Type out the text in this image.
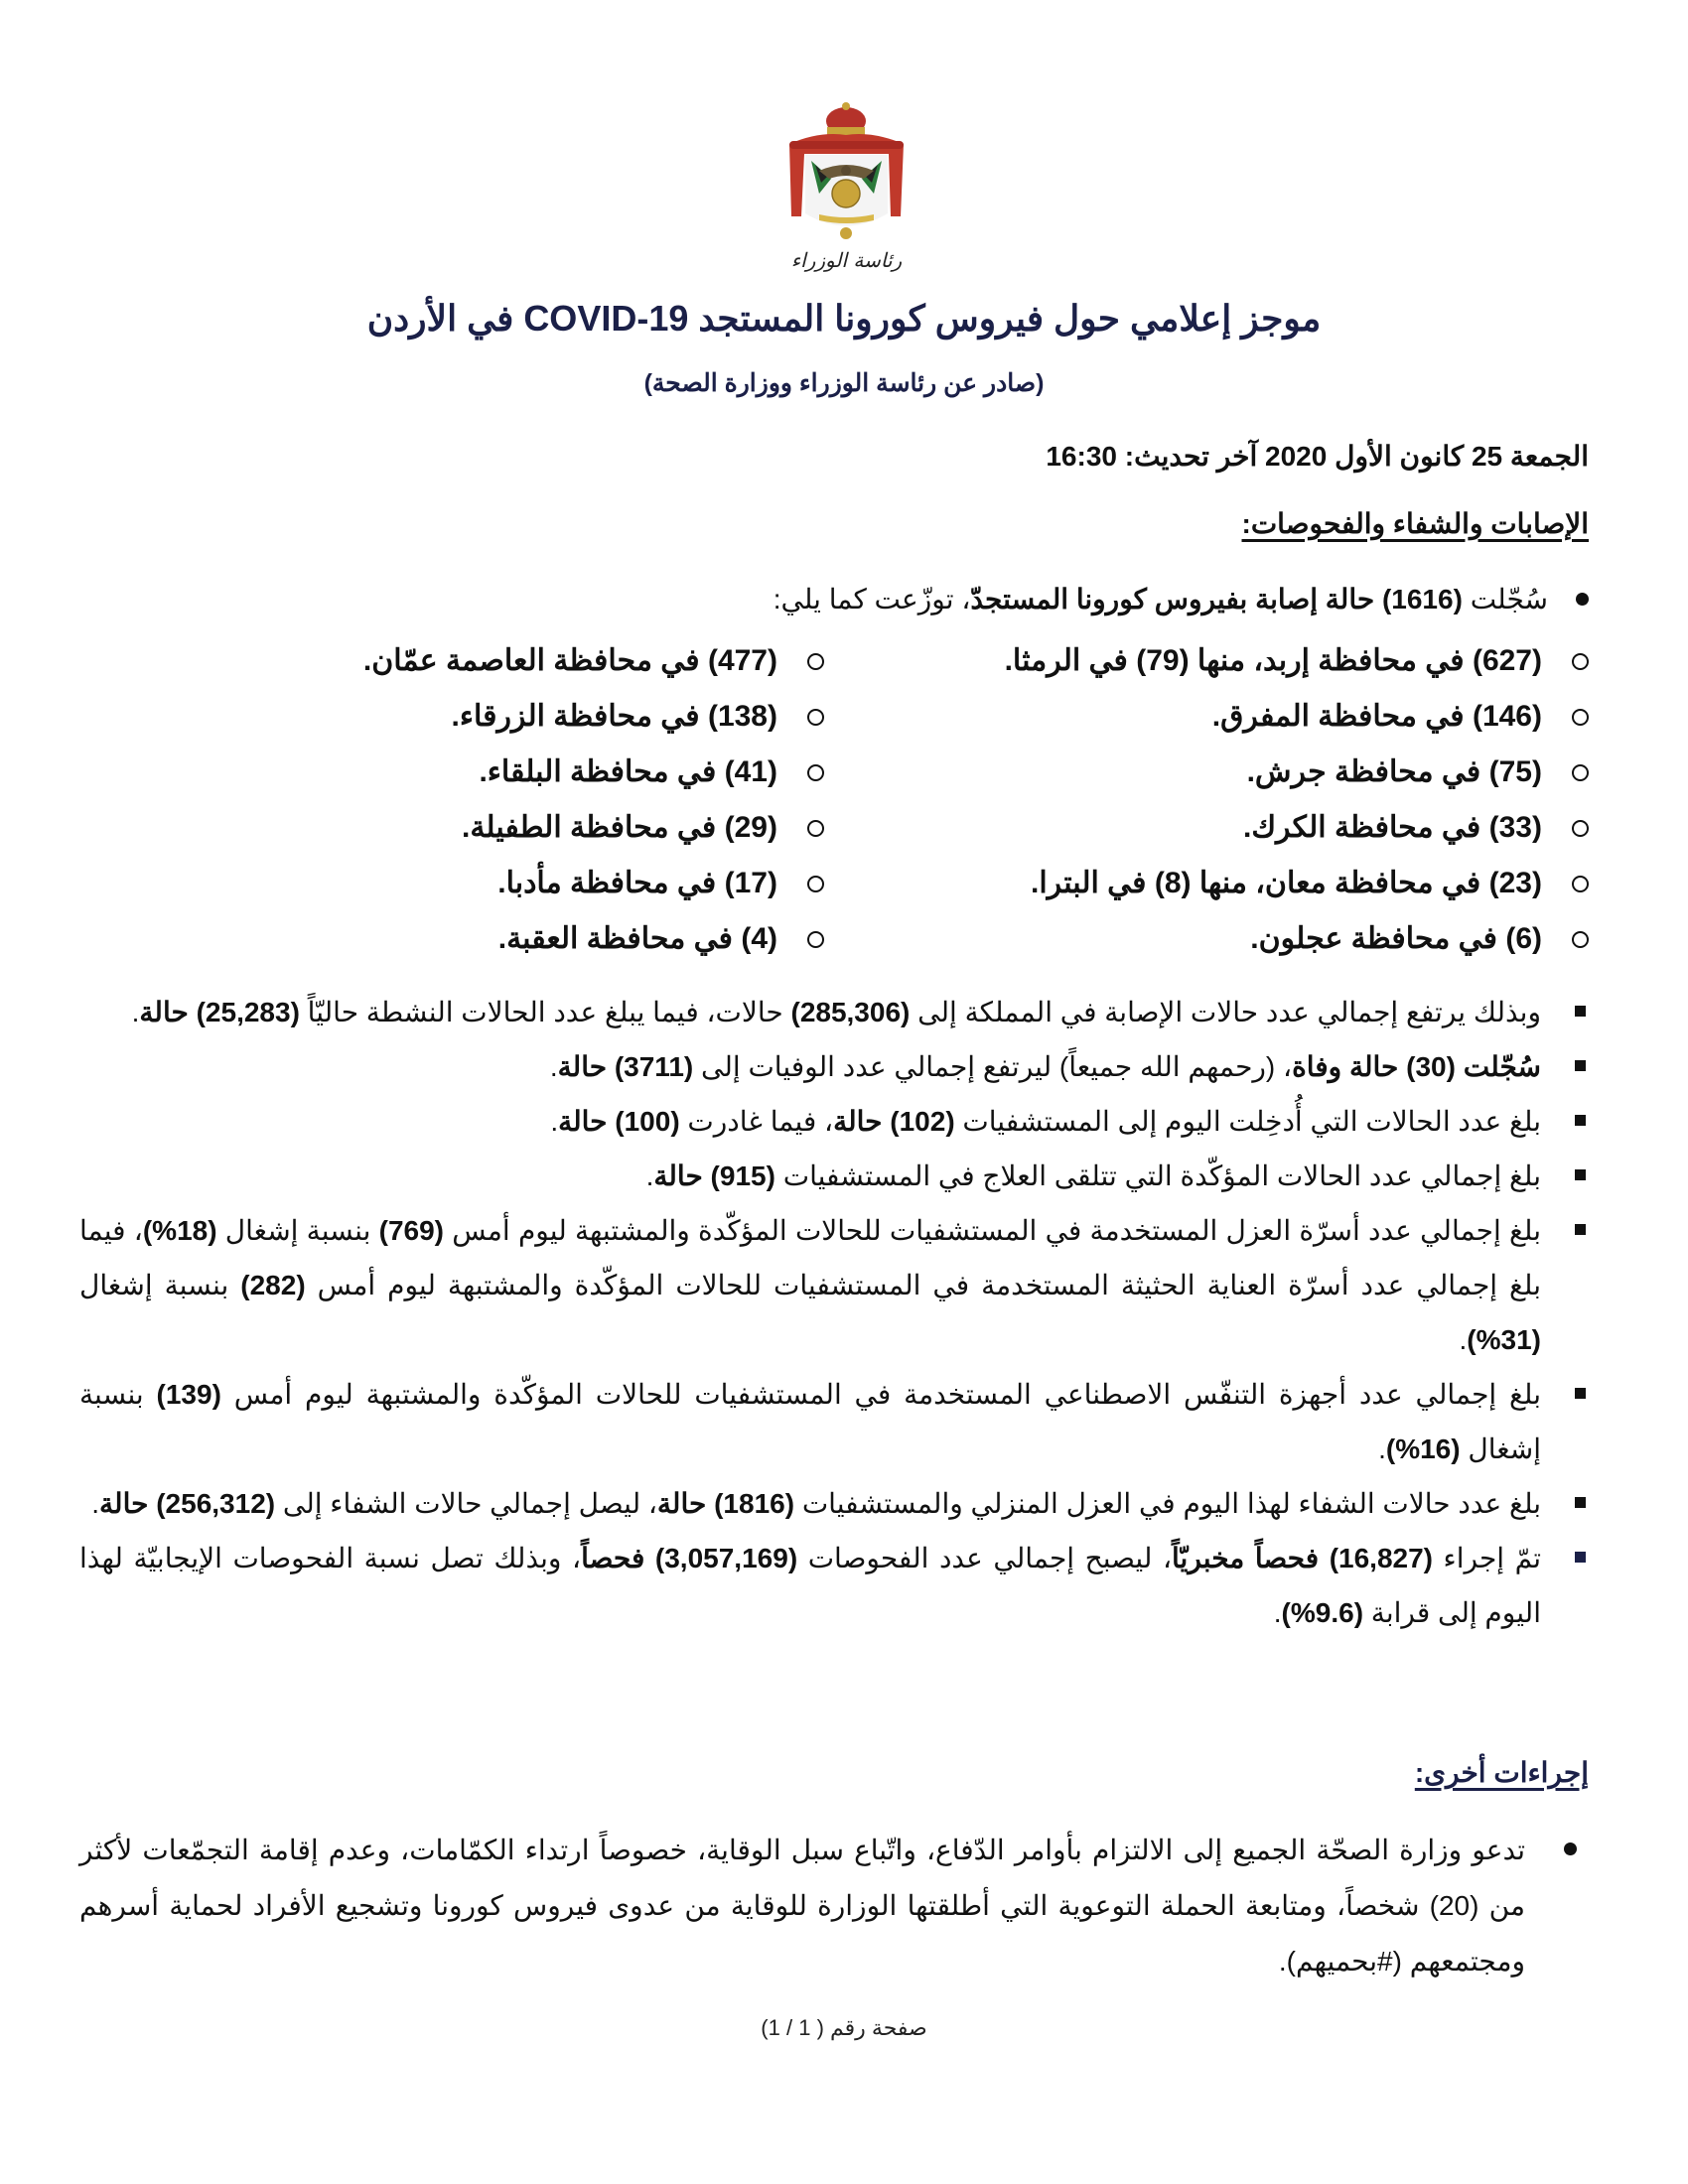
رئاسة الوزراء
موجز إعلامي حول فيروس كورونا المستجد COVID-19 في الأردن
(صادر عن رئاسة الوزراء ووزارة الصحة)
الجمعة 25 كانون الأول 2020 آخر تحديث: 16:30
الإصابات والشفاء والفحوصات:
سُجّلت (1616) حالة إصابة بفيروس كورونا المستجدّ، توزّعت كما يلي:
(627) في محافظة إربد، منها (79) في الرمثا.
(146) في محافظة المفرق.
(75) في محافظة جرش.
(33) في محافظة الكرك.
(23) في محافظة معان، منها (8) في البترا.
(6) في محافظة عجلون.
(477) في محافظة العاصمة عمّان.
(138) في محافظة الزرقاء.
(41) في محافظة البلقاء.
(29) في محافظة الطفيلة.
(17) في محافظة مأدبا.
(4) في محافظة العقبة.
وبذلك يرتفع إجمالي عدد حالات الإصابة في المملكة إلى (285,306) حالات، فيما يبلغ عدد الحالات النشطة حاليّاً (25,283) حالة.
سُجّلت (30) حالة وفاة، (رحمهم الله جميعاً) ليرتفع إجمالي عدد الوفيات إلى (3711) حالة.
بلغ عدد الحالات التي أُدخِلت اليوم إلى المستشفيات (102) حالة، فيما غادرت (100) حالة.
بلغ إجمالي عدد الحالات المؤكّدة التي تتلقى العلاج في المستشفيات (915) حالة.
بلغ إجمالي عدد أسرّة العزل المستخدمة في المستشفيات للحالات المؤكّدة والمشتبهة ليوم أمس (769) بنسبة إشغال (18%)، فيما بلغ إجمالي عدد أسرّة العناية الحثيثة المستخدمة في المستشفيات للحالات المؤكّدة والمشتبهة ليوم أمس (282) بنسبة إشغال (31%).
بلغ إجمالي عدد أجهزة التنفّس الاصطناعي المستخدمة في المستشفيات للحالات المؤكّدة والمشتبهة ليوم أمس (139) بنسبة إشغال (16%).
بلغ عدد حالات الشفاء لهذا اليوم في العزل المنزلي والمستشفيات (1816) حالة، ليصل إجمالي حالات الشفاء إلى (256,312) حالة.
تمّ إجراء (16,827) فحصاً مخبريّاً، ليصبح إجمالي عدد الفحوصات (3,057,169) فحصاً، وبذلك تصل نسبة الفحوصات الإيجابيّة لهذا اليوم إلى قرابة (9.6%).
إجراءات أخرى:
تدعو وزارة الصحّة الجميع إلى الالتزام بأوامر الدّفاع، واتّباع سبل الوقاية، خصوصاً ارتداء الكمّامات، وعدم إقامة التجمّعات لأكثر من (20) شخصاً، ومتابعة الحملة التوعوية التي أطلقتها الوزارة للوقاية من عدوى فيروس كورونا وتشجيع الأفراد لحماية أسرهم ومجتمعهم (#بحميهم).
صفحة رقم ( 1 / 1)
